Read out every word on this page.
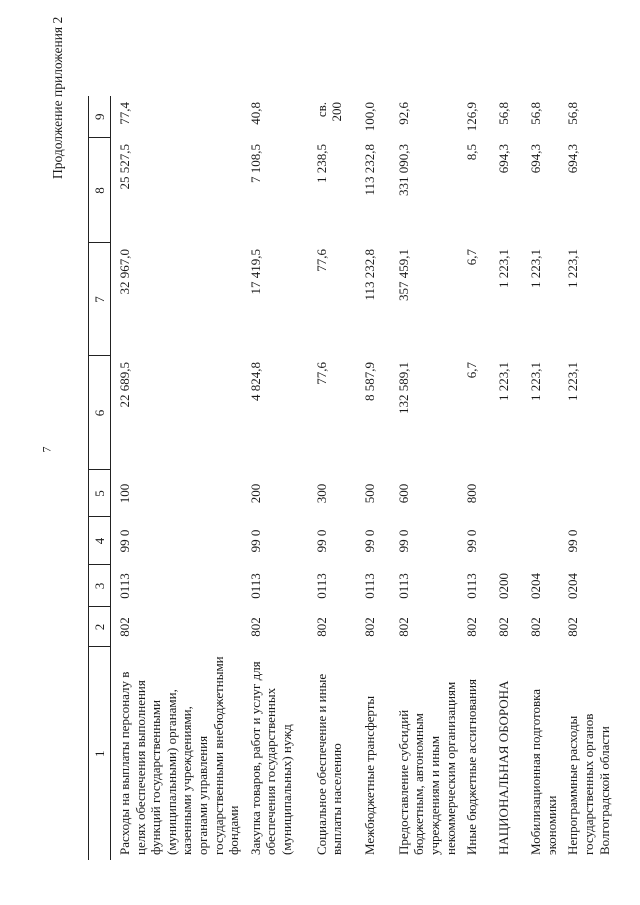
7
Продолжение приложения 2
1	2	3	4	5	6	7	8	9
Расходы на выплаты персоналу в целях обеспечения выполнения функций государственными (муниципальными) органами, казенными учреждениями, органами управления государственными внебюджетными фондами	802	0113	99 0	100	22 689,5	32 967,0	25 527,5	77,4
Закупка товаров, работ и услуг для обеспечения государственных (муниципальных) нужд	802	0113	99 0	200	4 824,8	17 419,5	7 108,5	40,8
Социальное обеспечение и иные выплаты населению	802	0113	99 0	300	77,6	77,6	1 238,5	св. 200
Межбюджетные трансферты	802	0113	99 0	500	8 587,9	113 232,8	113 232,8	100,0
Предоставление субсидий бюджетным, автономным учреждениям и иным некоммерческим организациям	802	0113	99 0	600	132 589,1	357 459,1	331 090,3	92,6
Иные бюджетные ассигнования	802	0113	99 0	800	6,7	6,7	8,5	126,9
НАЦИОНАЛЬНАЯ ОБОРОНА	802	0200			1 223,1	1 223,1	694,3	56,8
Мобилизационная подготовка экономики	802	0204			1 223,1	1 223,1	694,3	56,8
Непрограммные расходы государственных органов Волгоградской области	802	0204	99 0		1 223,1	1 223,1	694,3	56,8
